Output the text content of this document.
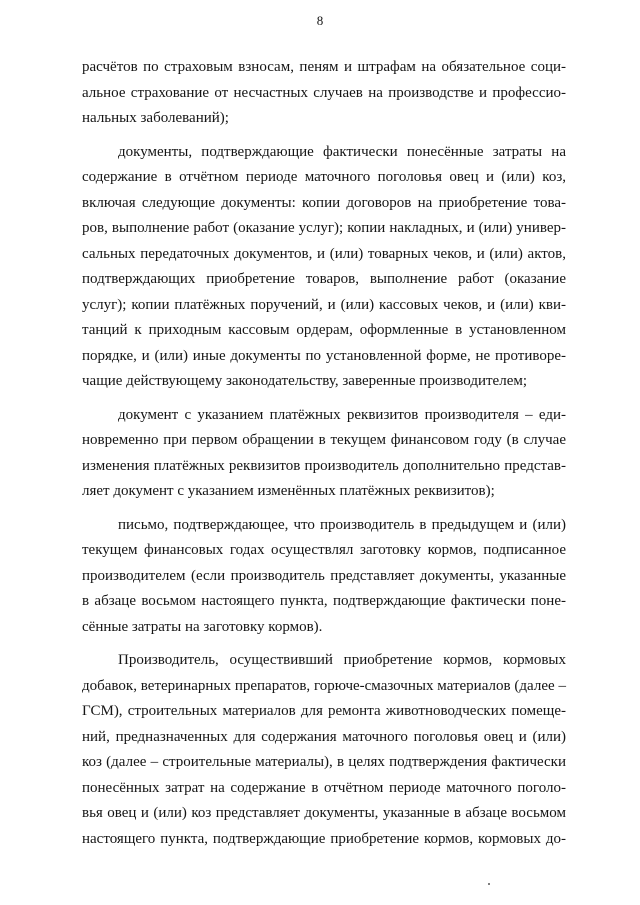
8

расчётов по страховым взносам, пеням и штрафам на обязательное соци-
альное страхование от несчастных случаев на производстве и профессио-
нальных заболеваний);

документы, подтверждающие фактически понесённые затраты на
содержание в отчётном периоде маточного поголовья овец и (или) коз,
включая следующие документы: копии договоров на приобретение това-
ров, выполнение работ (оказание услуг); копии накладных, и (или) универ-
сальных передаточных документов, и (или) товарных чеков, и (или) актов,
подтверждающих приобретение товаров, выполнение работ (оказание
услуг); копии платёжных поручений, и (или) кассовых чеков, и (или) кви-
танций к приходным кассовым ордерам, оформленные в установленном
порядке, и (или) иные документы по установленной форме, не противоре-
чащие действующему законодательству, заверенные производителем;

документ с указанием платёжных реквизитов производителя – еди-
новременно при первом обращении в текущем финансовом году (в случае
изменения платёжных реквизитов производитель дополнительно представ-
ляет документ с указанием изменённых платёжных реквизитов);

письмо, подтверждающее, что производитель в предыдущем и (или)
текущем финансовых годах осуществлял заготовку кормов, подписанное
производителем (если производитель представляет документы, указанные
в абзаце восьмом настоящего пункта, подтверждающие фактически поне-
сённые затраты на заготовку кормов).

Производитель, осуществивший приобретение кормов, кормовых
добавок, ветеринарных препаратов, горюче-смазочных материалов (далее –
ГСМ), строительных материалов для ремонта животноводческих помеще-
ний, предназначенных для содержания маточного поголовья овец и (или)
коз (далее – строительные материалы), в целях подтверждения фактически
понесённых затрат на содержание в отчётном периоде маточного поголо-
вья овец и (или) коз представляет документы, указанные в абзаце восьмом
настоящего пункта, подтверждающие приобретение кормов, кормовых до-
